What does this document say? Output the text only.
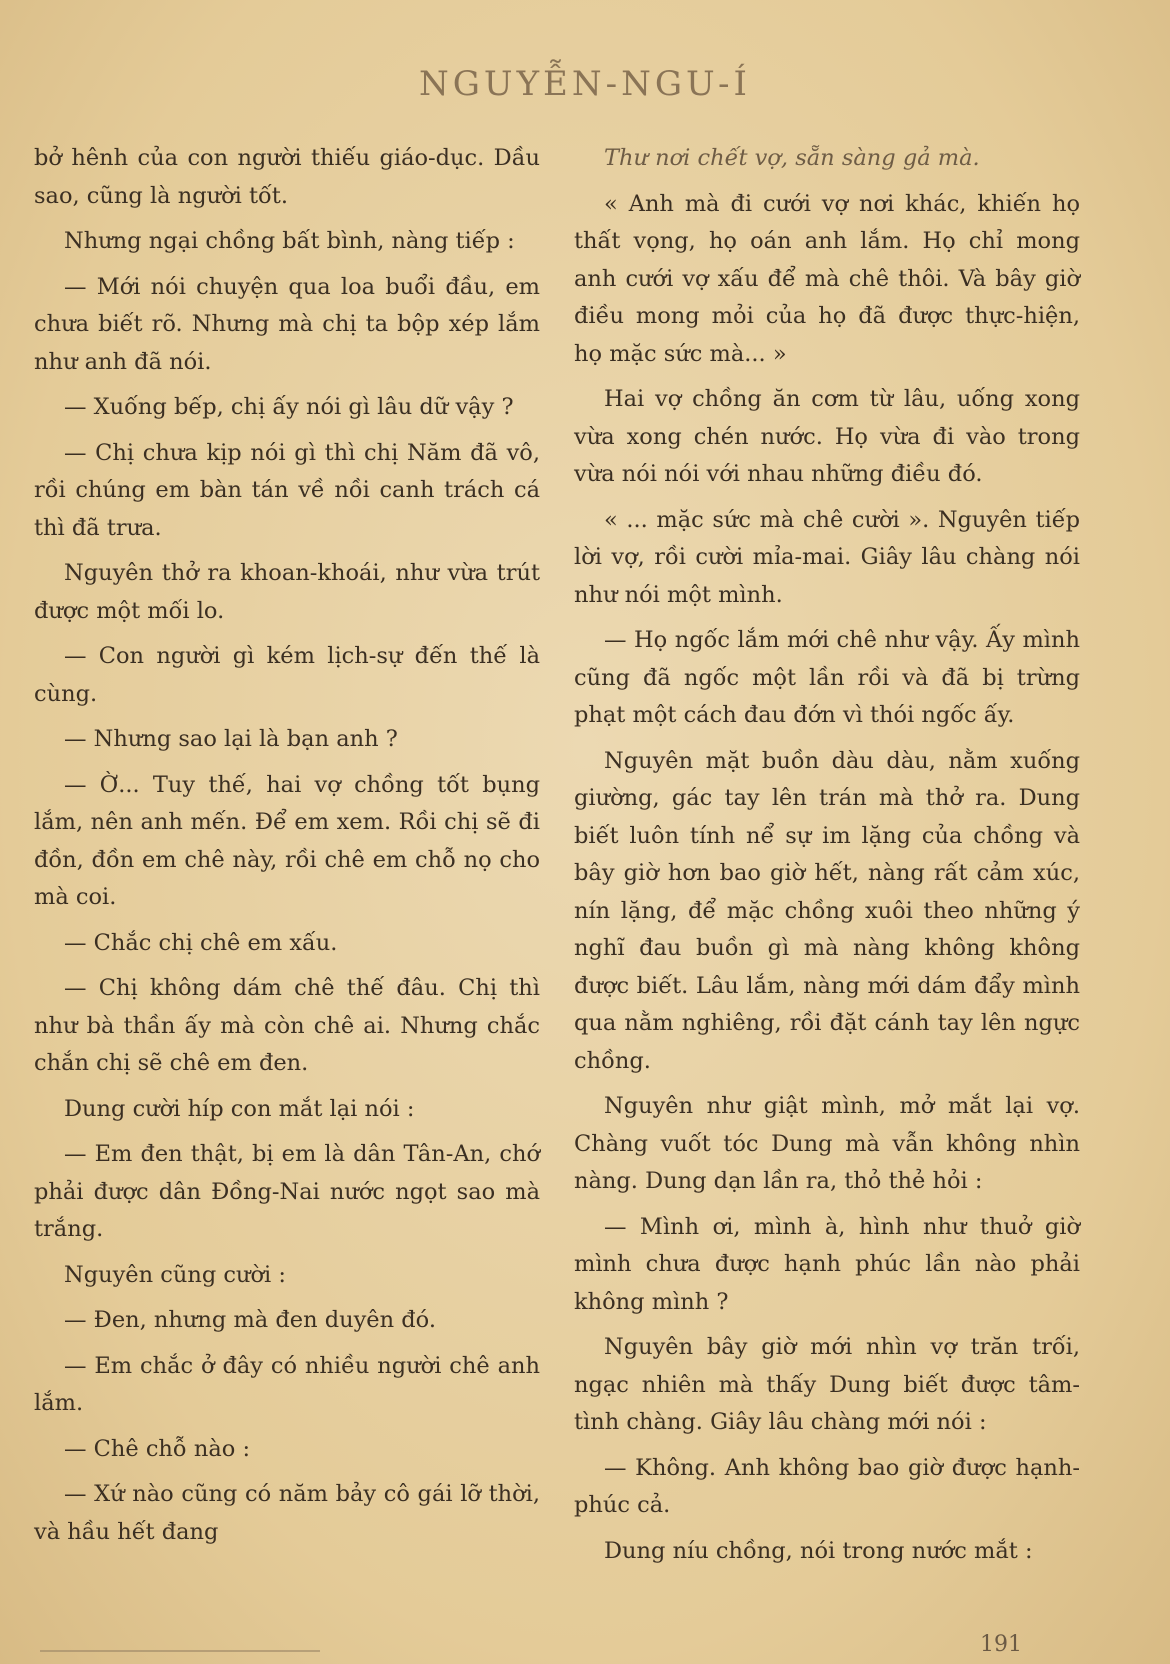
NGUYỄN-NGU-Í

bở hênh của con người thiếu giáo-dục. Dầu sao, cũng là người tốt.

Nhưng ngại chồng bất bình, nàng tiếp :

— Mới nói chuyện qua loa buổi đầu, em chưa biết rõ. Nhưng mà chị ta bộp xép lắm như anh đã nói.

— Xuống bếp, chị ấy nói gì lâu dữ vậy ?

— Chị chưa kịp nói gì thì chị Năm đã vô, rồi chúng em bàn tán về nồi canh trách cá thì đã trưa.

Nguyên thở ra khoan-khoái, như vừa trút được một mối lo.

— Con người gì kém lịch-sự đến thế là cùng.

— Nhưng sao lại là bạn anh ?

— Ờ... Tuy thế, hai vợ chồng tốt bụng lắm, nên anh mến. Để em xem. Rồi chị sẽ đi đồn, đồn em chê này, rồi chê em chỗ nọ cho mà coi.

— Chắc chị chê em xấu.

— Chị không dám chê thế đâu. Chị thì như bà thần ấy mà còn chê ai. Nhưng chắc chắn chị sẽ chê em đen.

Dung cười híp con mắt lại nói :

— Em đen thật, bị em là dân Tân-An, chớ phải được dân Đồng-Nai nước ngọt sao mà trắng.

Nguyên cũng cười :

— Đen, nhưng mà đen duyên đó.

— Em chắc ở đây có nhiều người chê anh lắm.

— Chê chỗ nào :

— Xứ nào cũng có năm bảy cô gái lỡ thời, và hầu hết đang

Thư nơi chết vợ, sẵn sàng gả mà.

« Anh mà đi cưới vợ nơi khác, khiến họ thất vọng, họ oán anh lắm. Họ chỉ mong anh cưới vợ xấu để mà chê thôi. Và bây giờ điều mong mỏi của họ đã được thực-hiện, họ mặc sức mà... »

Hai vợ chồng ăn cơm từ lâu, uống xong vừa xong chén nước. Họ vừa đi vào trong vừa nói nói với nhau những điều đó.

« ... mặc sức mà chê cười ». Nguyên tiếp lời vợ, rồi cười mỉa-mai. Giây lâu chàng nói như nói một mình.

— Họ ngốc lắm mới chê như vậy. Ấy mình cũng đã ngốc một lần rồi và đã bị trừng phạt một cách đau đớn vì thói ngốc ấy.

Nguyên mặt buồn dàu dàu, nằm xuống giường, gác tay lên trán mà thở ra. Dung biết luôn tính nể sự im lặng của chồng và bây giờ hơn bao giờ hết, nàng rất cảm xúc, nín lặng, để mặc chồng xuôi theo những ý nghĩ đau buồn gì mà nàng không không được biết. Lâu lắm, nàng mới dám đẩy mình qua nằm nghiêng, rồi đặt cánh tay lên ngực chồng.

Nguyên như giật mình, mở mắt lại vợ. Chàng vuốt tóc Dung mà vẫn không nhìn nàng. Dung dạn lần ra, thỏ thẻ hỏi :

— Mình ơi, mình à, hình như thuở giờ mình chưa được hạnh phúc lần nào phải không mình ?

Nguyên bây giờ mới nhìn vợ trăn trối, ngạc nhiên mà thấy Dung biết được tâm-tình chàng. Giây lâu chàng mới nói :

— Không. Anh không bao giờ được hạnh-phúc cả.

Dung níu chồng, nói trong nước mắt :

191
